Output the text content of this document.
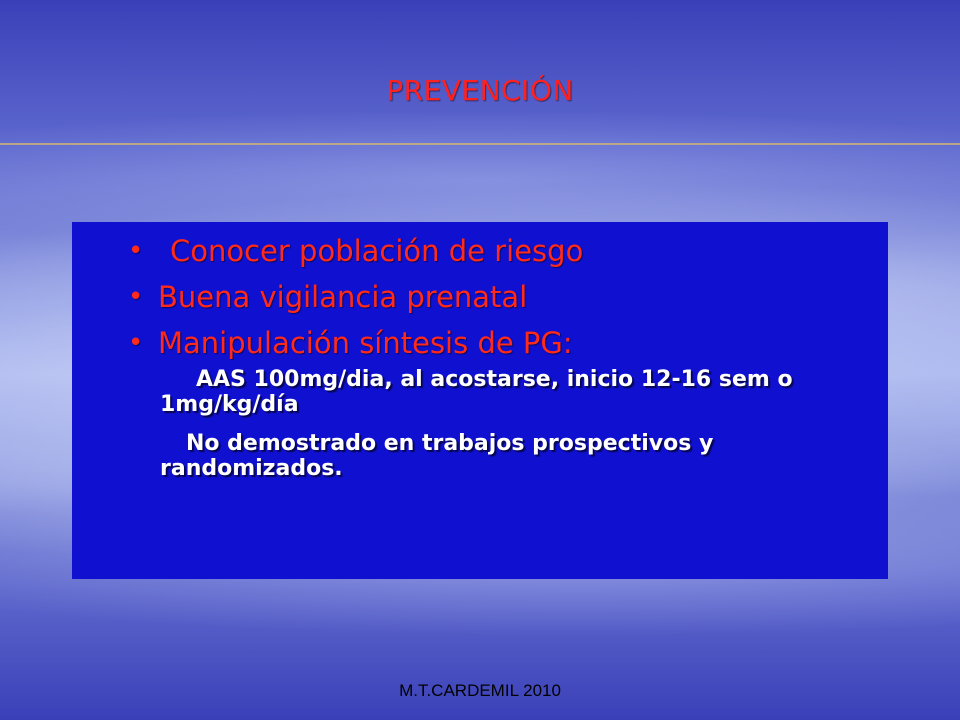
PREVENCIÓN
• Conocer población de riesgo
• Buena vigilancia prenatal
• Manipulación síntesis de PG:
AAS 100mg/dia, al acostarse, inicio 12-16 sem o 1mg/kg/día
No demostrado en trabajos prospectivos y randomizados.
M.T.CARDEMIL 2010
